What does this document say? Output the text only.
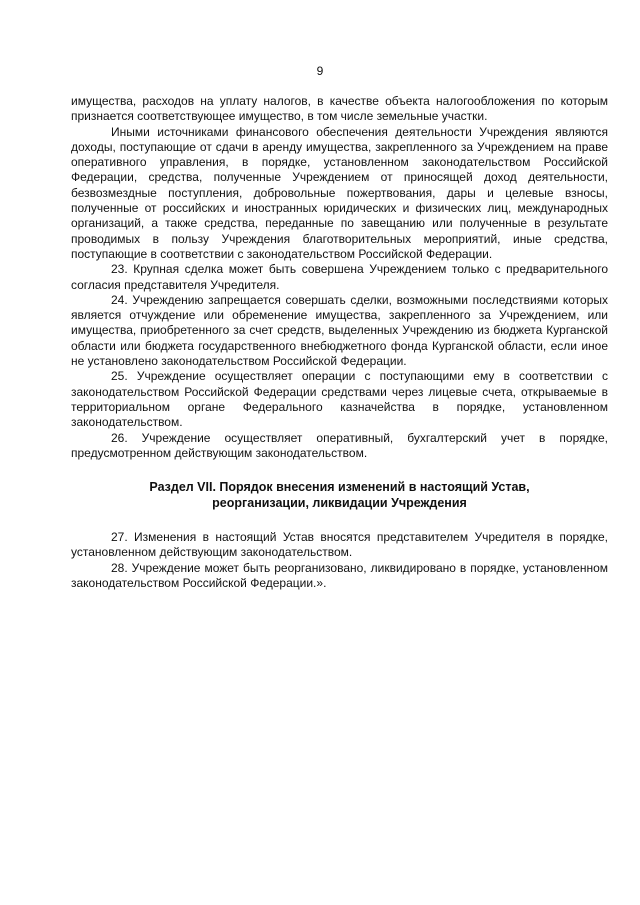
9

имущества, расходов на уплату налогов, в качестве объекта налогообложения по которым признается соответствующее имущество, в том числе земельные участки.

Иными источниками финансового обеспечения деятельности Учреждения являются доходы, поступающие от сдачи в аренду имущества, закрепленного за Учреждением на праве оперативного управления, в порядке, установленном законодательством Российской Федерации, средства, полученные Учреждением от приносящей доход деятельности, безвозмездные поступления, добровольные пожертвования, дары и целевые взносы, полученные от российских и иностранных юридических и физических лиц, международных организаций, а также средства, переданные по завещанию или полученные в результате проводимых в пользу Учреждения благотворительных мероприятий, иные средства, поступающие в соответствии с законодательством Российской Федерации.

23. Крупная сделка может быть совершена Учреждением только с предварительного согласия представителя Учредителя.

24. Учреждению запрещается совершать сделки, возможными последствиями которых является отчуждение или обременение имущества, закрепленного за Учреждением, или имущества, приобретенного за счет средств, выделенных Учреждению из бюджета Курганской области или бюджета государственного внебюджетного фонда Курганской области, если иное не установлено законодательством Российской Федерации.

25. Учреждение осуществляет операции с поступающими ему в соответствии с законодательством Российской Федерации средствами через лицевые счета, открываемые в территориальном органе Федерального казначейства в порядке, установленном законодательством.

26. Учреждение осуществляет оперативный, бухгалтерский учет в порядке, предусмотренном действующим законодательством.

Раздел VII. Порядок внесения изменений в настоящий Устав,
реорганизации, ликвидации Учреждения

27. Изменения в настоящий Устав вносятся представителем Учредителя в порядке, установленном действующим законодательством.

28. Учреждение может быть реорганизовано, ликвидировано в порядке, установленном законодательством Российской Федерации.».
